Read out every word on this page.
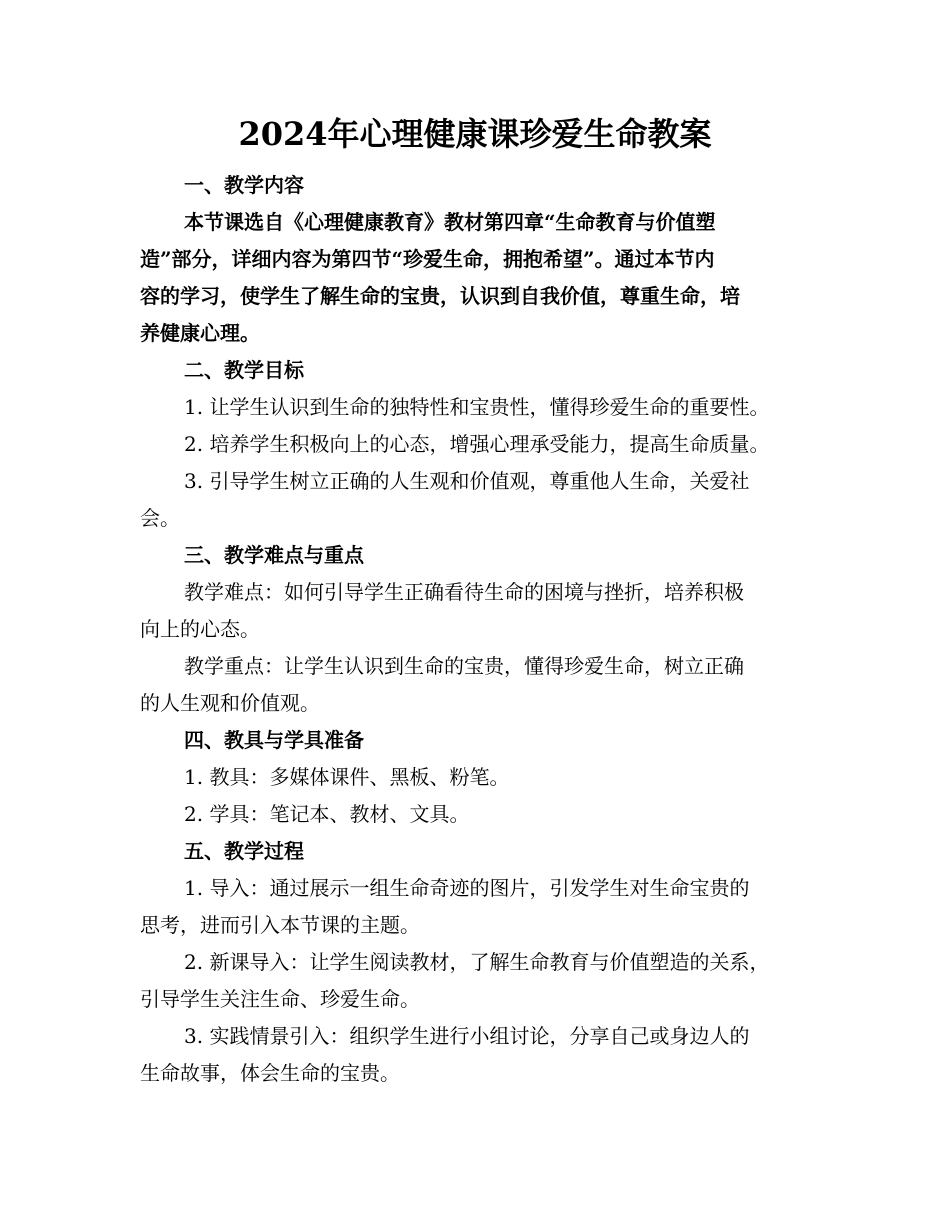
2024年心理健康课珍爱生命教案
一、教学内容
本节课选自《心理健康教育》教材第四章“生命教育与价值塑
造”部分，详细内容为第四节“珍爱生命，拥抱希望”。通过本节内
容的学习，使学生了解生命的宝贵，认识到自我价值，尊重生命，培
养健康心理。
二、教学目标
1. 让学生认识到生命的独特性和宝贵性，懂得珍爱生命的重要性。
2. 培养学生积极向上的心态，增强心理承受能力，提高生命质量。
3. 引导学生树立正确的人生观和价值观，尊重他人生命，关爱社
会。
三、教学难点与重点
教学难点：如何引导学生正确看待生命的困境与挫折，培养积极
向上的心态。
教学重点：让学生认识到生命的宝贵，懂得珍爱生命，树立正确
的人生观和价值观。
四、教具与学具准备
1. 教具：多媒体课件、黑板、粉笔。
2. 学具：笔记本、教材、文具。
五、教学过程
1. 导入：通过展示一组生命奇迹的图片，引发学生对生命宝贵的
思考，进而引入本节课的主题。
2. 新课导入：让学生阅读教材，了解生命教育与价值塑造的关系，
引导学生关注生命、珍爱生命。
3. 实践情景引入：组织学生进行小组讨论，分享自己或身边人的
生命故事，体会生命的宝贵。
